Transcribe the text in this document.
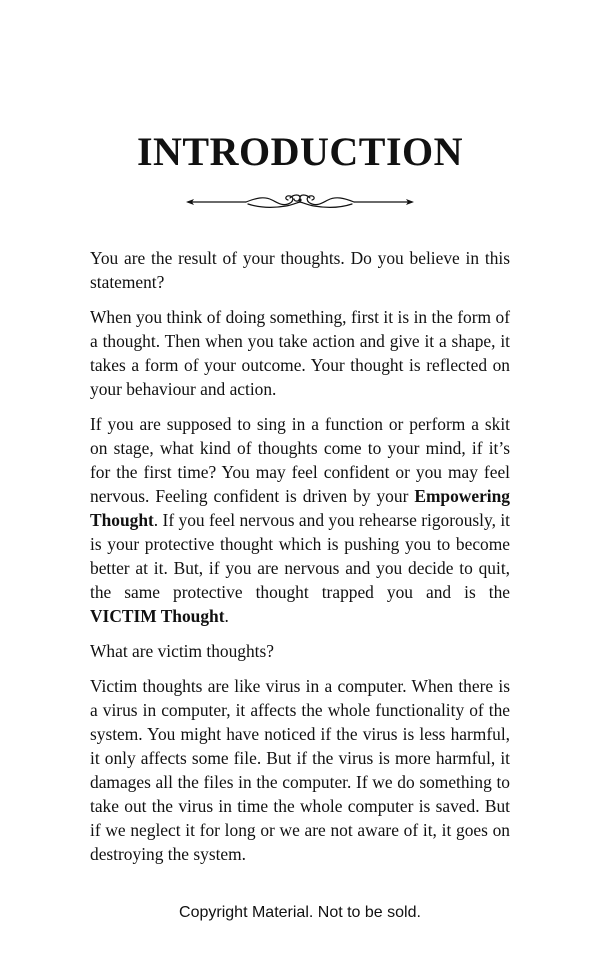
INTRODUCTION

You are the result of your thoughts. Do you believe in this statement?

When you think of doing something, first it is in the form of a thought. Then when you take action and give it a shape, it takes a form of your outcome. Your thought is reflected on your behaviour and action.

If you are supposed to sing in a function or perform a skit on stage, what kind of thoughts come to your mind, if it’s for the first time? You may feel confident or you may feel nervous. Feeling confident is driven by your Empowering Thought. If you feel nervous and you rehearse rigorously, it is your protective thought which is pushing you to become better at it. But, if you are nervous and you decide to quit, the same protective thought trapped you and is the VICTIM Thought.

What are victim thoughts?

Victim thoughts are like virus in a computer. When there is a virus in computer, it affects the whole functionality of the system. You might have noticed if the virus is less harmful, it only affects some file. But if the virus is more harmful, it damages all the files in the computer. If we do something to take out the virus in time the whole computer is saved. But if we neglect it for long or we are not aware of it, it goes on destroying the system.

Copyright Material. Not to be sold.
